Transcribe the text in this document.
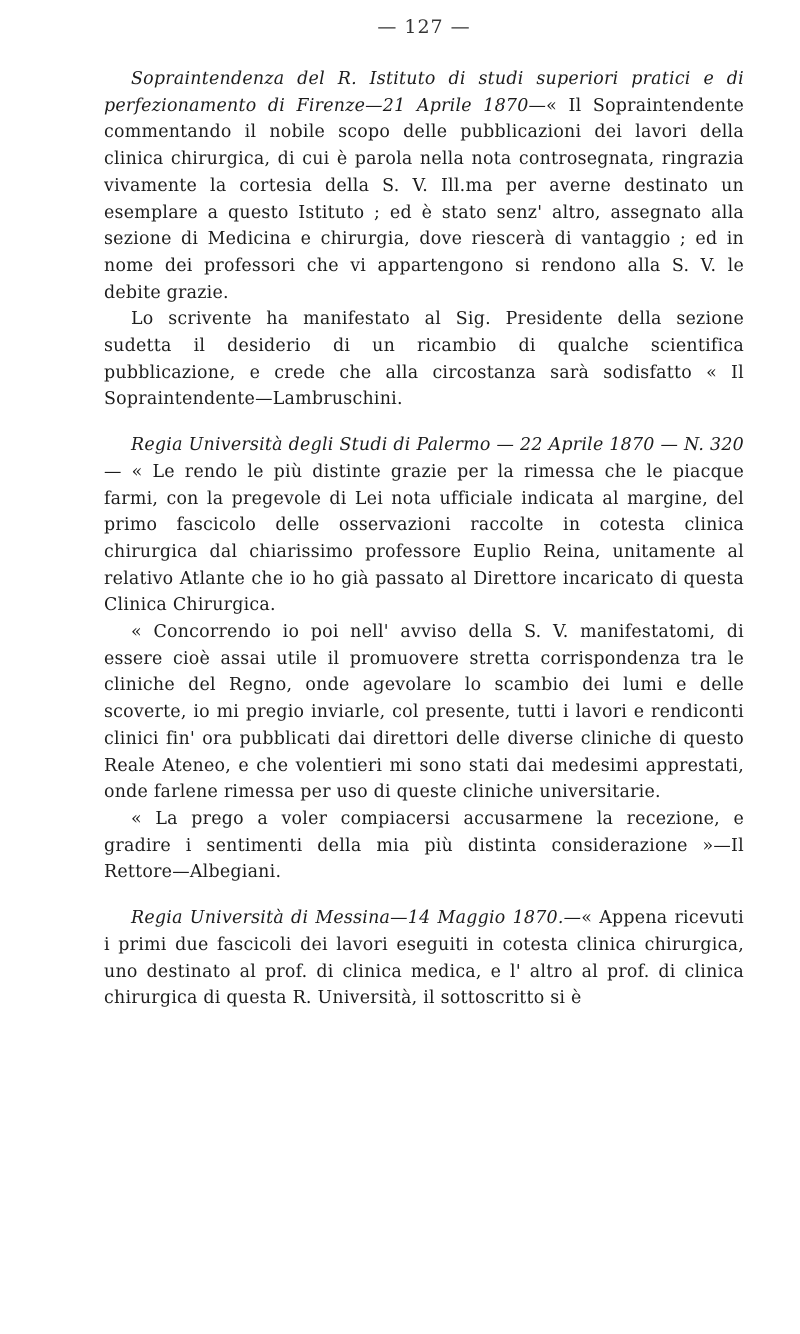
— 127 —

Sopraintendenza del R. Istituto di studi superiori pratici e di perfezionamento di Firenze—21 Aprile 1870—« Il Sopraintendente commentando il nobile scopo delle pubblicazioni dei lavori della clinica chirurgica, di cui è parola nella nota controsegnata, ringrazia vivamente la cortesia della S. V. Ill.ma per averne destinato un esemplare a questo Istituto ; ed è stato senz' altro, assegnato alla sezione di Medicina e chirurgia, dove riescerà di vantaggio ; ed in nome dei professori che vi appartengono si rendono alla S. V. le debite grazie.

Lo scrivente ha manifestato al Sig. Presidente della sezione sudetta il desiderio di un ricambio di qualche scientifica pubblicazione, e crede che alla circostanza sarà sodisfatto « Il Sopraintendente—Lambruschini.

Regia Università degli Studi di Palermo — 22 Aprile 1870 — N. 320 — « Le rendo le più distinte grazie per la rimessa che le piacque farmi, con la pregevole di Lei nota ufficiale indicata al margine, del primo fascicolo delle osservazioni raccolte in cotesta clinica chirurgica dal chiarissimo professore Euplio Reina, unitamente al relativo Atlante che io ho già passato al Direttore incaricato di questa Clinica Chirurgica.

« Concorrendo io poi nell' avviso della S. V. manifestatomi, di essere cioè assai utile il promuovere stretta corrispondenza tra le cliniche del Regno, onde agevolare lo scambio dei lumi e delle scoverte, io mi pregio inviarle, col presente, tutti i lavori e rendiconti clinici fin' ora pubblicati dai direttori delle diverse cliniche di questo Reale Ateneo, e che volentieri mi sono stati dai medesimi apprestati, onde farlene rimessa per uso di queste cliniche universitarie.

« La prego a voler compiacersi accusarmene la recezione, e gradire i sentimenti della mia più distinta considerazione »—Il Rettore—Albegiani.

Regia Università di Messina—14 Maggio 1870.—« Appena ricevuti i primi due fascicoli dei lavori eseguiti in cotesta clinica chirurgica, uno destinato al prof. di clinica medica, e l' altro al prof. di clinica chirurgica di questa R. Università, il sottoscritto si è
